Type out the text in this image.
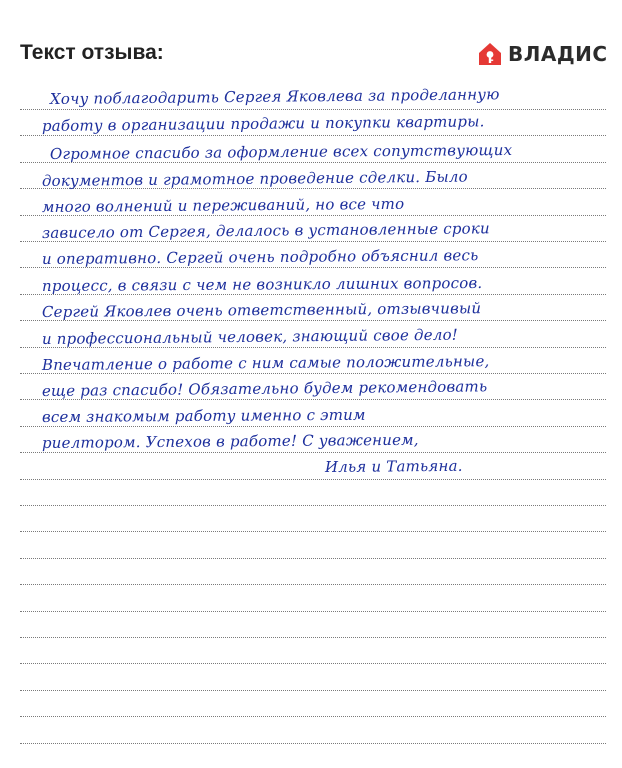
Текст отзыва:	ВЛАДИС
Хочу поблагодарить Сергея Яковлева за проделанную
работу в организации продажи и покупки квартиры.
Огромное спасибо за оформление всех сопутствующих
документов и грамотное проведение сделки. Было
много волнений и переживаний, но все что
зависело от Сергея, делалось в установленные сроки
и оперативно. Сергей очень подробно объяснил весь
процесс, в связи с чем не возникло лишних вопросов.
Сергей Яковлев очень ответственный, отзывчивый
и профессиональный человек, знающий свое дело!
Впечатление о работе с ним самые положительные,
еще раз спасибо! Обязательно будем рекомендовать
всем знакомым работу именно с этим
риелтором. Успехов в работе! С уважением,
Илья и Татьяна.
